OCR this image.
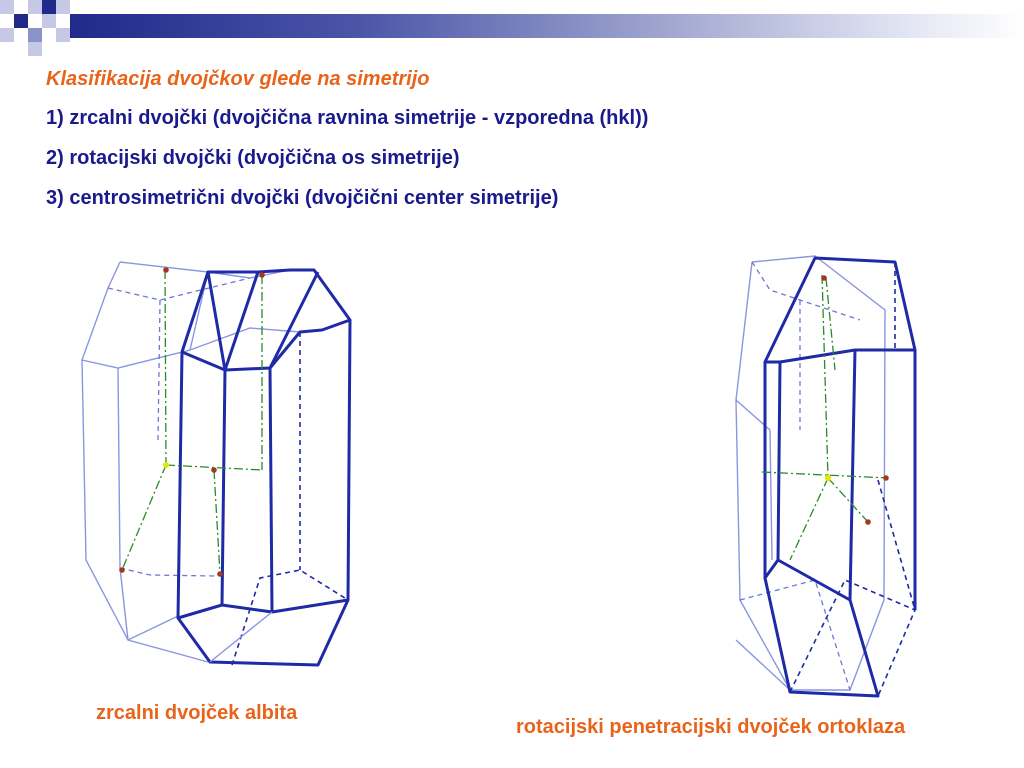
Klasifikacija dvojčkov glede na simetrijo
1) zrcalni dvojčki (dvojčična ravnina simetrije - vzporedna (hkl))
2) rotacijski dvojčki (dvojčična os simetrije)
3) centrosimetrični dvojčki (dvojčični center simetrije)
zrcalni dvojček albita
rotacijski penetracijski dvojček ortoklaza
